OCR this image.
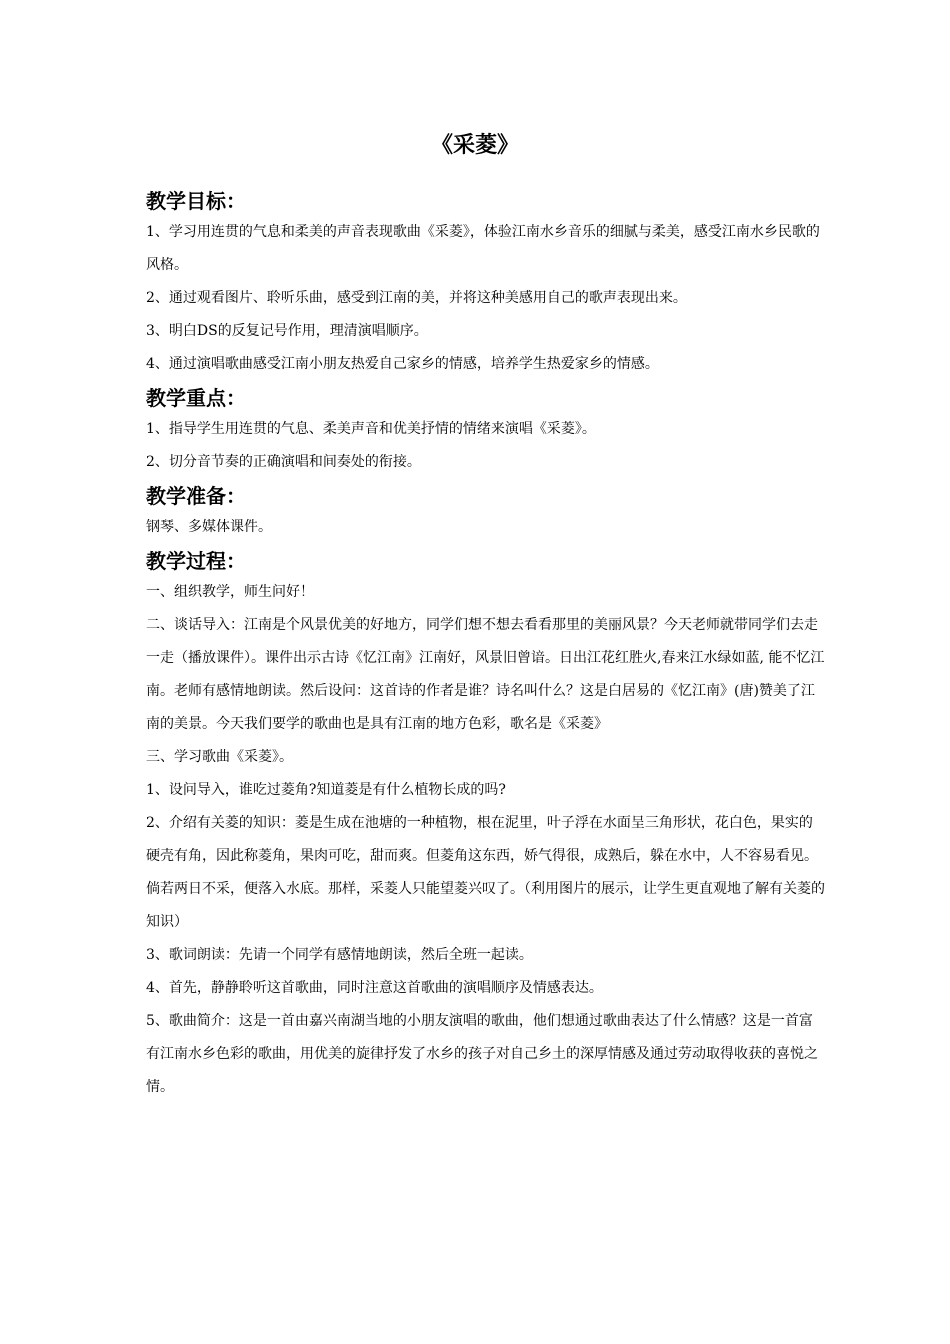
《采菱》
教学目标：

1、学习用连贯的气息和柔美的声音表现歌曲《采菱》，体验江南水乡音乐的细腻与柔美，感受江南水乡民歌的风格。

2、通过观看图片、聆听乐曲，感受到江南的美，并将这种美感用自己的歌声表现出来。

3、明白DS的反复记号作用，理清演唱顺序。

4、通过演唱歌曲感受江南小朋友热爱自己家乡的情感，培养学生热爱家乡的情感。

教学重点：

1、指导学生用连贯的气息、柔美声音和优美抒情的情绪来演唱《采菱》。

2、切分音节奏的正确演唱和间奏处的衔接。

教学准备：

钢琴、多媒体课件。

教学过程：

一、组织教学，师生问好！

二、谈话导入：江南是个风景优美的好地方，同学们想不想去看看那里的美丽风景？今天老师就带同学们去走一走（播放课件）。课件出示古诗《忆江南》江南好，风景旧曾谙。日出江花红胜火,春来江水绿如蓝, 能不忆江南。老师有感情地朗读。然后设问：这首诗的作者是谁？诗名叫什么？这是白居易的《忆江南》(唐)赞美了江南的美景。今天我们要学的歌曲也是具有江南的地方色彩，歌名是《采菱》

三、学习歌曲《采菱》。

1、设问导入，谁吃过菱角?知道菱是有什么植物长成的吗?

2、介绍有关菱的知识：菱是生成在池塘的一种植物，根在泥里，叶子浮在水面呈三角形状，花白色，果实的硬壳有角，因此称菱角，果肉可吃，甜而爽。但菱角这东西，娇气得很，成熟后，躲在水中，人不容易看见。倘若两日不采，便落入水底。那样，采菱人只能望菱兴叹了。（利用图片的展示，让学生更直观地了解有关菱的知识）

3、歌词朗读：先请一个同学有感情地朗读，然后全班一起读。

4、首先，静静聆听这首歌曲，同时注意这首歌曲的演唱顺序及情感表达。

5、歌曲简介：这是一首由嘉兴南湖当地的小朋友演唱的歌曲，他们想通过歌曲表达了什么情感？这是一首富有江南水乡色彩的歌曲，用优美的旋律抒发了水乡的孩子对自己乡土的深厚情感及通过劳动取得收获的喜悦之情。
